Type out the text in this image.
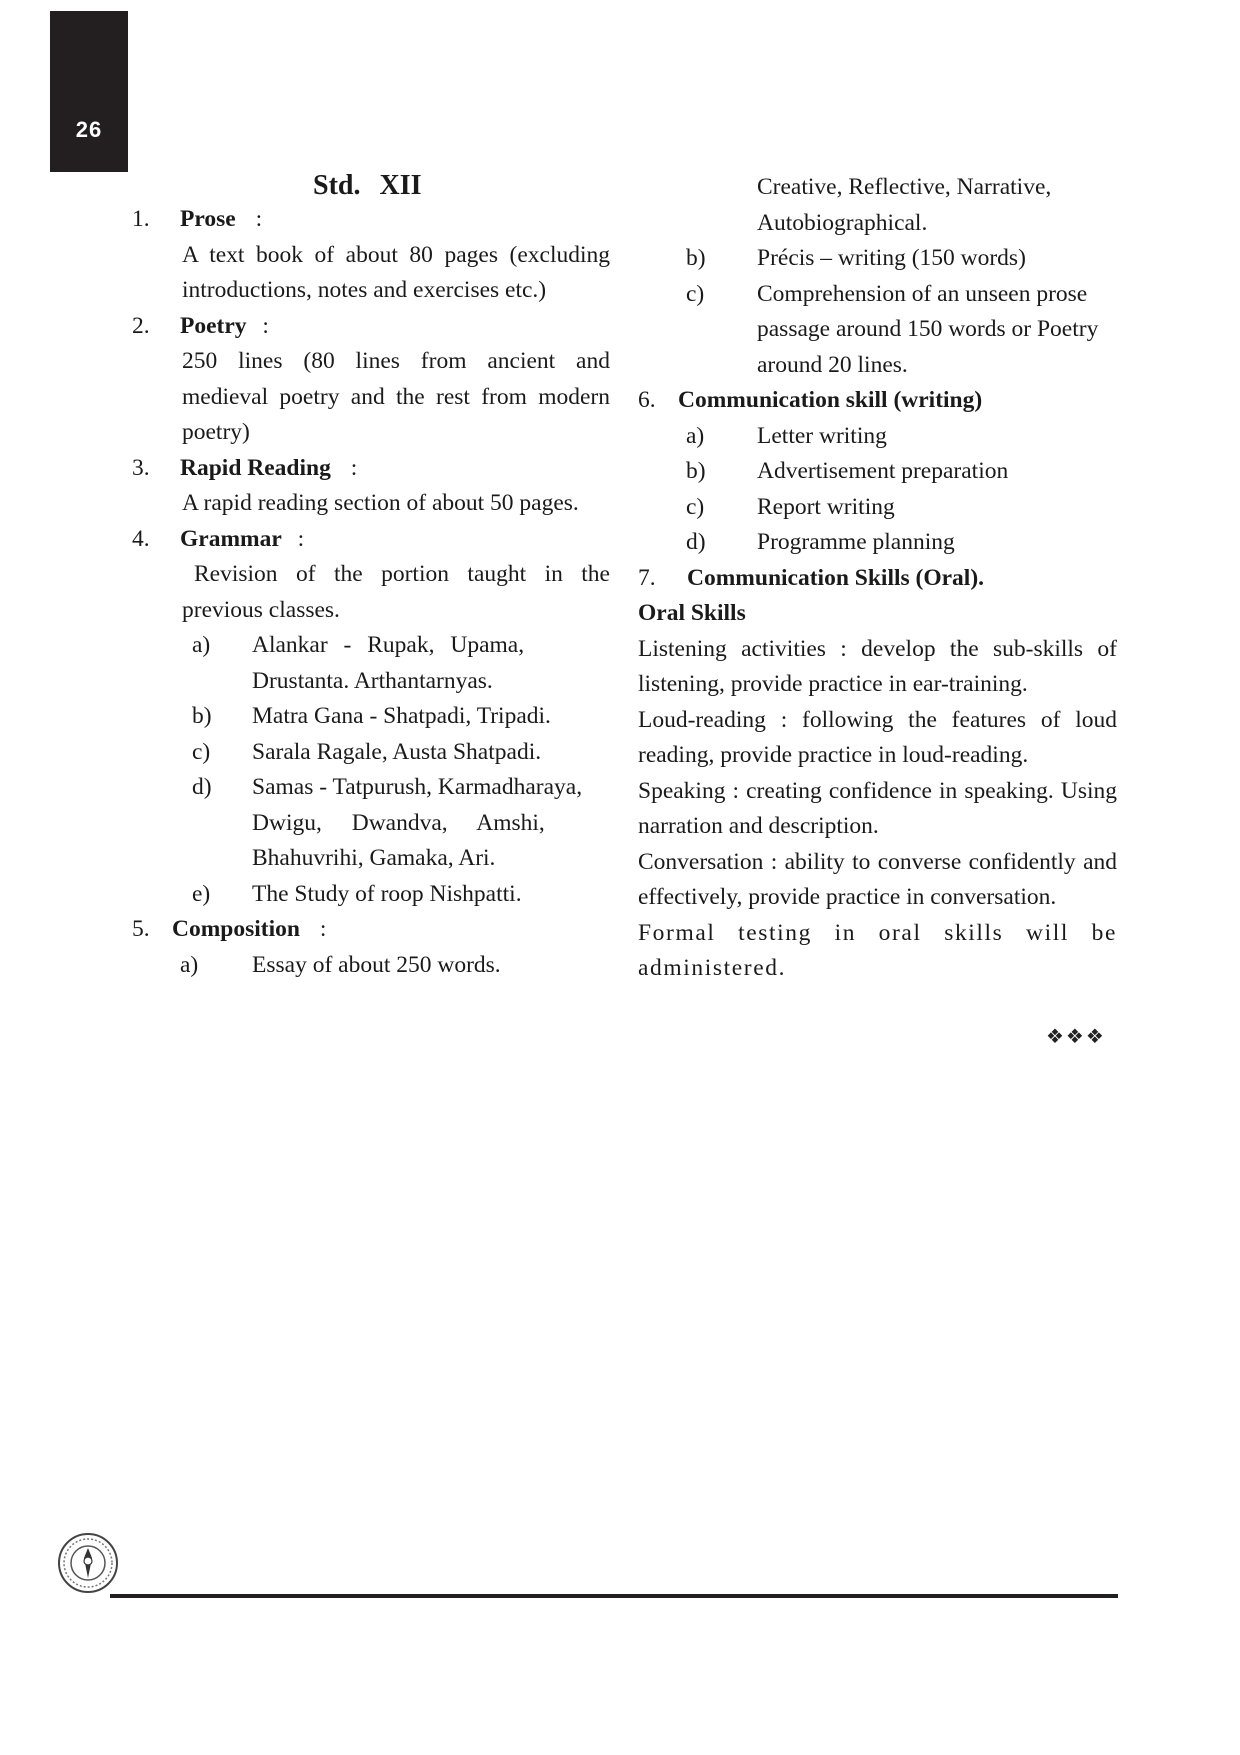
26
Std. XII
1. Prose :

A text book of about 80 pages (excluding introductions, notes and exercises etc.)

2. Poetry :

250 lines (80 lines from ancient and medieval poetry and the rest from modern poetry)

3. Rapid Reading :

A rapid reading section of about 50 pages.

4. Grammar :

Revision of the portion taught in the previous classes.

a) Alankar - Rupak, Upama,
Drustanta. Arthantarnyas.
b) Matra Gana - Shatpadi, Tripadi.
c) Sarala Ragale, Austa Shatpadi.
d) Samas - Tatpurush, Karmadharaya,
Dwigu, Dwandva, Amshi,
Bhahuvrihi, Gamaka, Ari.
e) The Study of roop Nishpatti.
5. Composition :
a) Essay of about 250 words.
Creative, Reflective, Narrative,
Autobiographical.
b) Précis – writing (150 words)
c) Comprehension of an unseen prose
passage around 150 words or Poetry
around 20 lines.
6. Communication skill (writing)
a) Letter writing
b) Advertisement preparation
c) Report writing
d) Programme planning
7. Communication Skills (Oral).
Oral Skills

Listening activities : develop the sub-skills of listening, provide practice in ear-training.

Loud-reading : following the features of loud reading, provide practice in loud-reading.

Speaking : creating confidence in speaking. Using narration and description.

Conversation : ability to converse confidently and effectively, provide practice in conversation.

Formal testing in oral skills will be administered.

❖❖❖
